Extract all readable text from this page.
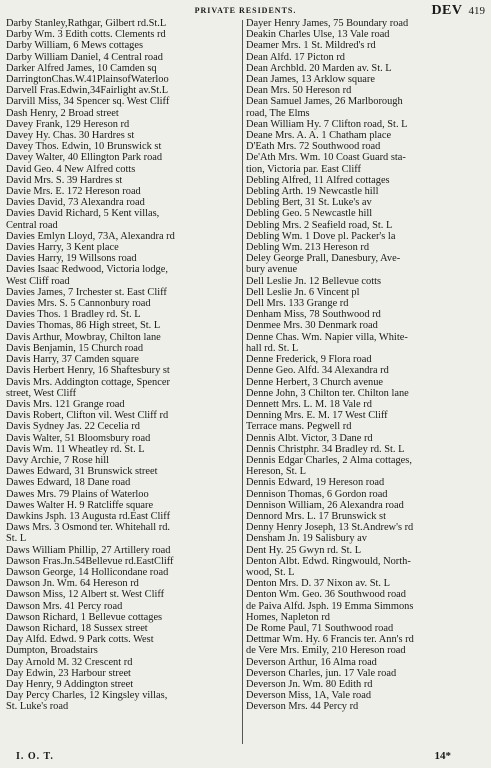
PRIVATE RESIDENTS.	DEV 419
Darby Stanley,Rathgar, Gilbert rd.St.L
Darby Wm. 3 Edith cotts. Clements rd
Darby William, 6 Mews cottages
Darby William Daniel, 4 Central road
Darker Alfred James, 10 Camden sq
DarringtonChas.W.41PlainsofWaterloo
Darvell Fras.Edwin,34Fairlight av.St.L
Darvill Miss, 34 Spencer sq. West Cliff
Dash Henry, 2 Broad street
Davey Frank, 129 Hereson rd
Davey Hy. Chas. 30 Hardres st
Davey Thos. Edwin, 10 Brunswick st
Davey Walter, 40 Ellington Park road
David Geo. 4 New Alfred cotts
David Mrs. S. 39 Hardres st
Davie Mrs. E. 172 Hereson road
Davies David, 73 Alexandra road
Davies David Richard, 5 Kent villas,
Central road
Davies Emlyn Lloyd, 73A, Alexandra rd
Davies Harry, 3 Kent place
Davies Harry, 19 Willsons road
Davies Isaac Redwood, Victoria lodge,
West Cliff road
Davies James, 7 Irchester st. East Cliff
Davies Mrs. S. 5 Cannonbury road
Davies Thos. 1 Bradley rd. St. L
Davies Thomas, 86 High street, St. L
Davis Arthur, Mowbray, Chilton lane
Davis Benjamin, 15 Church road
Davis Harry, 37 Camden square
Davis Herbert Henry, 16 Shaftesbury st
Davis Mrs. Addington cottage, Spencer
street, West Cliff
Davis Mrs. 121 Grange road
Davis Robert, Clifton vil. West Cliff rd
Davis Sydney Jas. 22 Cecelia rd
Davis Walter, 51 Bloomsbury road
Davis Wm. 11 Wheatley rd. St. L
Davy Archie, 7 Rose hill
Dawes Edward, 31 Brunswick street
Dawes Edward, 18 Dane road
Dawes Mrs. 79 Plains of Waterloo
Dawes Walter H. 9 Ratcliffe square
Dawkins Jsph. 13 Augusta rd.East Cliff
Daws Mrs. 3 Osmond ter. Whitehall rd.
St. L
Daws William Phillip, 27 Artillery road
Dawson Fras.Jn.54Bellevue rd.EastCliff
Dawson George, 14 Hollicondane road
Dawson Jn. Wm. 64 Hereson rd
Dawson Miss, 12 Albert st. West Cliff
Dawson Mrs. 41 Percy road
Dawson Richard, 1 Bellevue cottages
Dawson Richard, 18 Sussex street
Day Alfd. Edwd. 9 Park cotts. West
Dumpton, Broadstairs
Day Arnold M. 32 Crescent rd
Day Edwin, 23 Harbour street
Day Henry, 9 Addington street
Day Percy Charles, 12 Kingsley villas,
St. Luke's road
Dayer Henry James, 75 Boundary road
Deakin Charles Ulse, 13 Vale road
Deamer Mrs. 1 St. Mildred's rd
Dean Alfd. 17 Picton rd
Dean Archbld. 20 Marden av. St. L
Dean James, 13 Arklow square
Dean Mrs. 50 Hereson rd
Dean Samuel James, 26 Marlborough
road, The Elms
Dean William Hy. 7 Clifton road, St. L
Deane Mrs. A. A. 1 Chatham place
D'Eath Mrs. 72 Southwood road
De'Ath Mrs. Wm. 10 Coast Guard sta-
tion, Victoria par. East Cliff
Debling Alfred, 11 Alfred cottages
Debling Arth. 19 Newcastle hill
Debling Bert, 31 St. Luke's av
Debling Geo. 5 Newcastle hill
Debling Mrs. 2 Seafield road, St. L
Debling Wm. 1 Dove pl. Packer's la
Debling Wm. 213 Hereson rd
Deley George Prall, Danesbury, Ave-
bury avenue
Dell Leslie Jn. 12 Bellevue cotts
Dell Leslie Jn. 6 Vincent pl
Dell Mrs. 133 Grange rd
Denham Miss, 78 Southwood rd
Denmee Mrs. 30 Denmark road
Denne Chas. Wm. Napier villa, White-
hall rd. St. L
Denne Frederick, 9 Flora road
Denne Geo. Alfd. 34 Alexandra rd
Denne Herbert, 3 Church avenue
Denne John, 3 Chilton ter. Chilton lane
Dennett Mrs. L. M. 18 Vale rd
Denning Mrs. E. M. 17 West Cliff
Terrace mans. Pegwell rd
Dennis Albt. Victor, 3 Dane rd
Dennis Christphr. 34 Bradley rd. St. L
Dennis Edgar Charles, 2 Alma cottages,
Hereson, St. L
Dennis Edward, 19 Hereson road
Dennison Thomas, 6 Gordon road
Dennison William, 26 Alexandra road
Dennord Mrs. L. 17 Brunswick st
Denny Henry Joseph, 13 St.Andrew's rd
Densham Jn. 19 Salisbury av
Dent Hy. 25 Gwyn rd. St. L
Denton Albt. Edwd. Ringwould, North-
wood, St. L
Denton Mrs. D. 37 Nixon av. St. L
Denton Wm. Geo. 36 Southwood road
de Paiva Alfd. Jsph. 19 Emma Simmons
Homes, Napleton rd
De Rome Paul, 71 Southwood road
Dettmar Wm. Hy. 6 Francis ter. Ann's rd
de Vere Mrs. Emily, 210 Hereson road
Deverson Arthur, 16 Alma road
Deverson Charles, jun. 17 Vale road
Deverson Jn. Wm. 80 Edith rd
Deverson Miss, 1A, Vale road
Deverson Mrs. 44 Percy rd
I. O. T.	14*
